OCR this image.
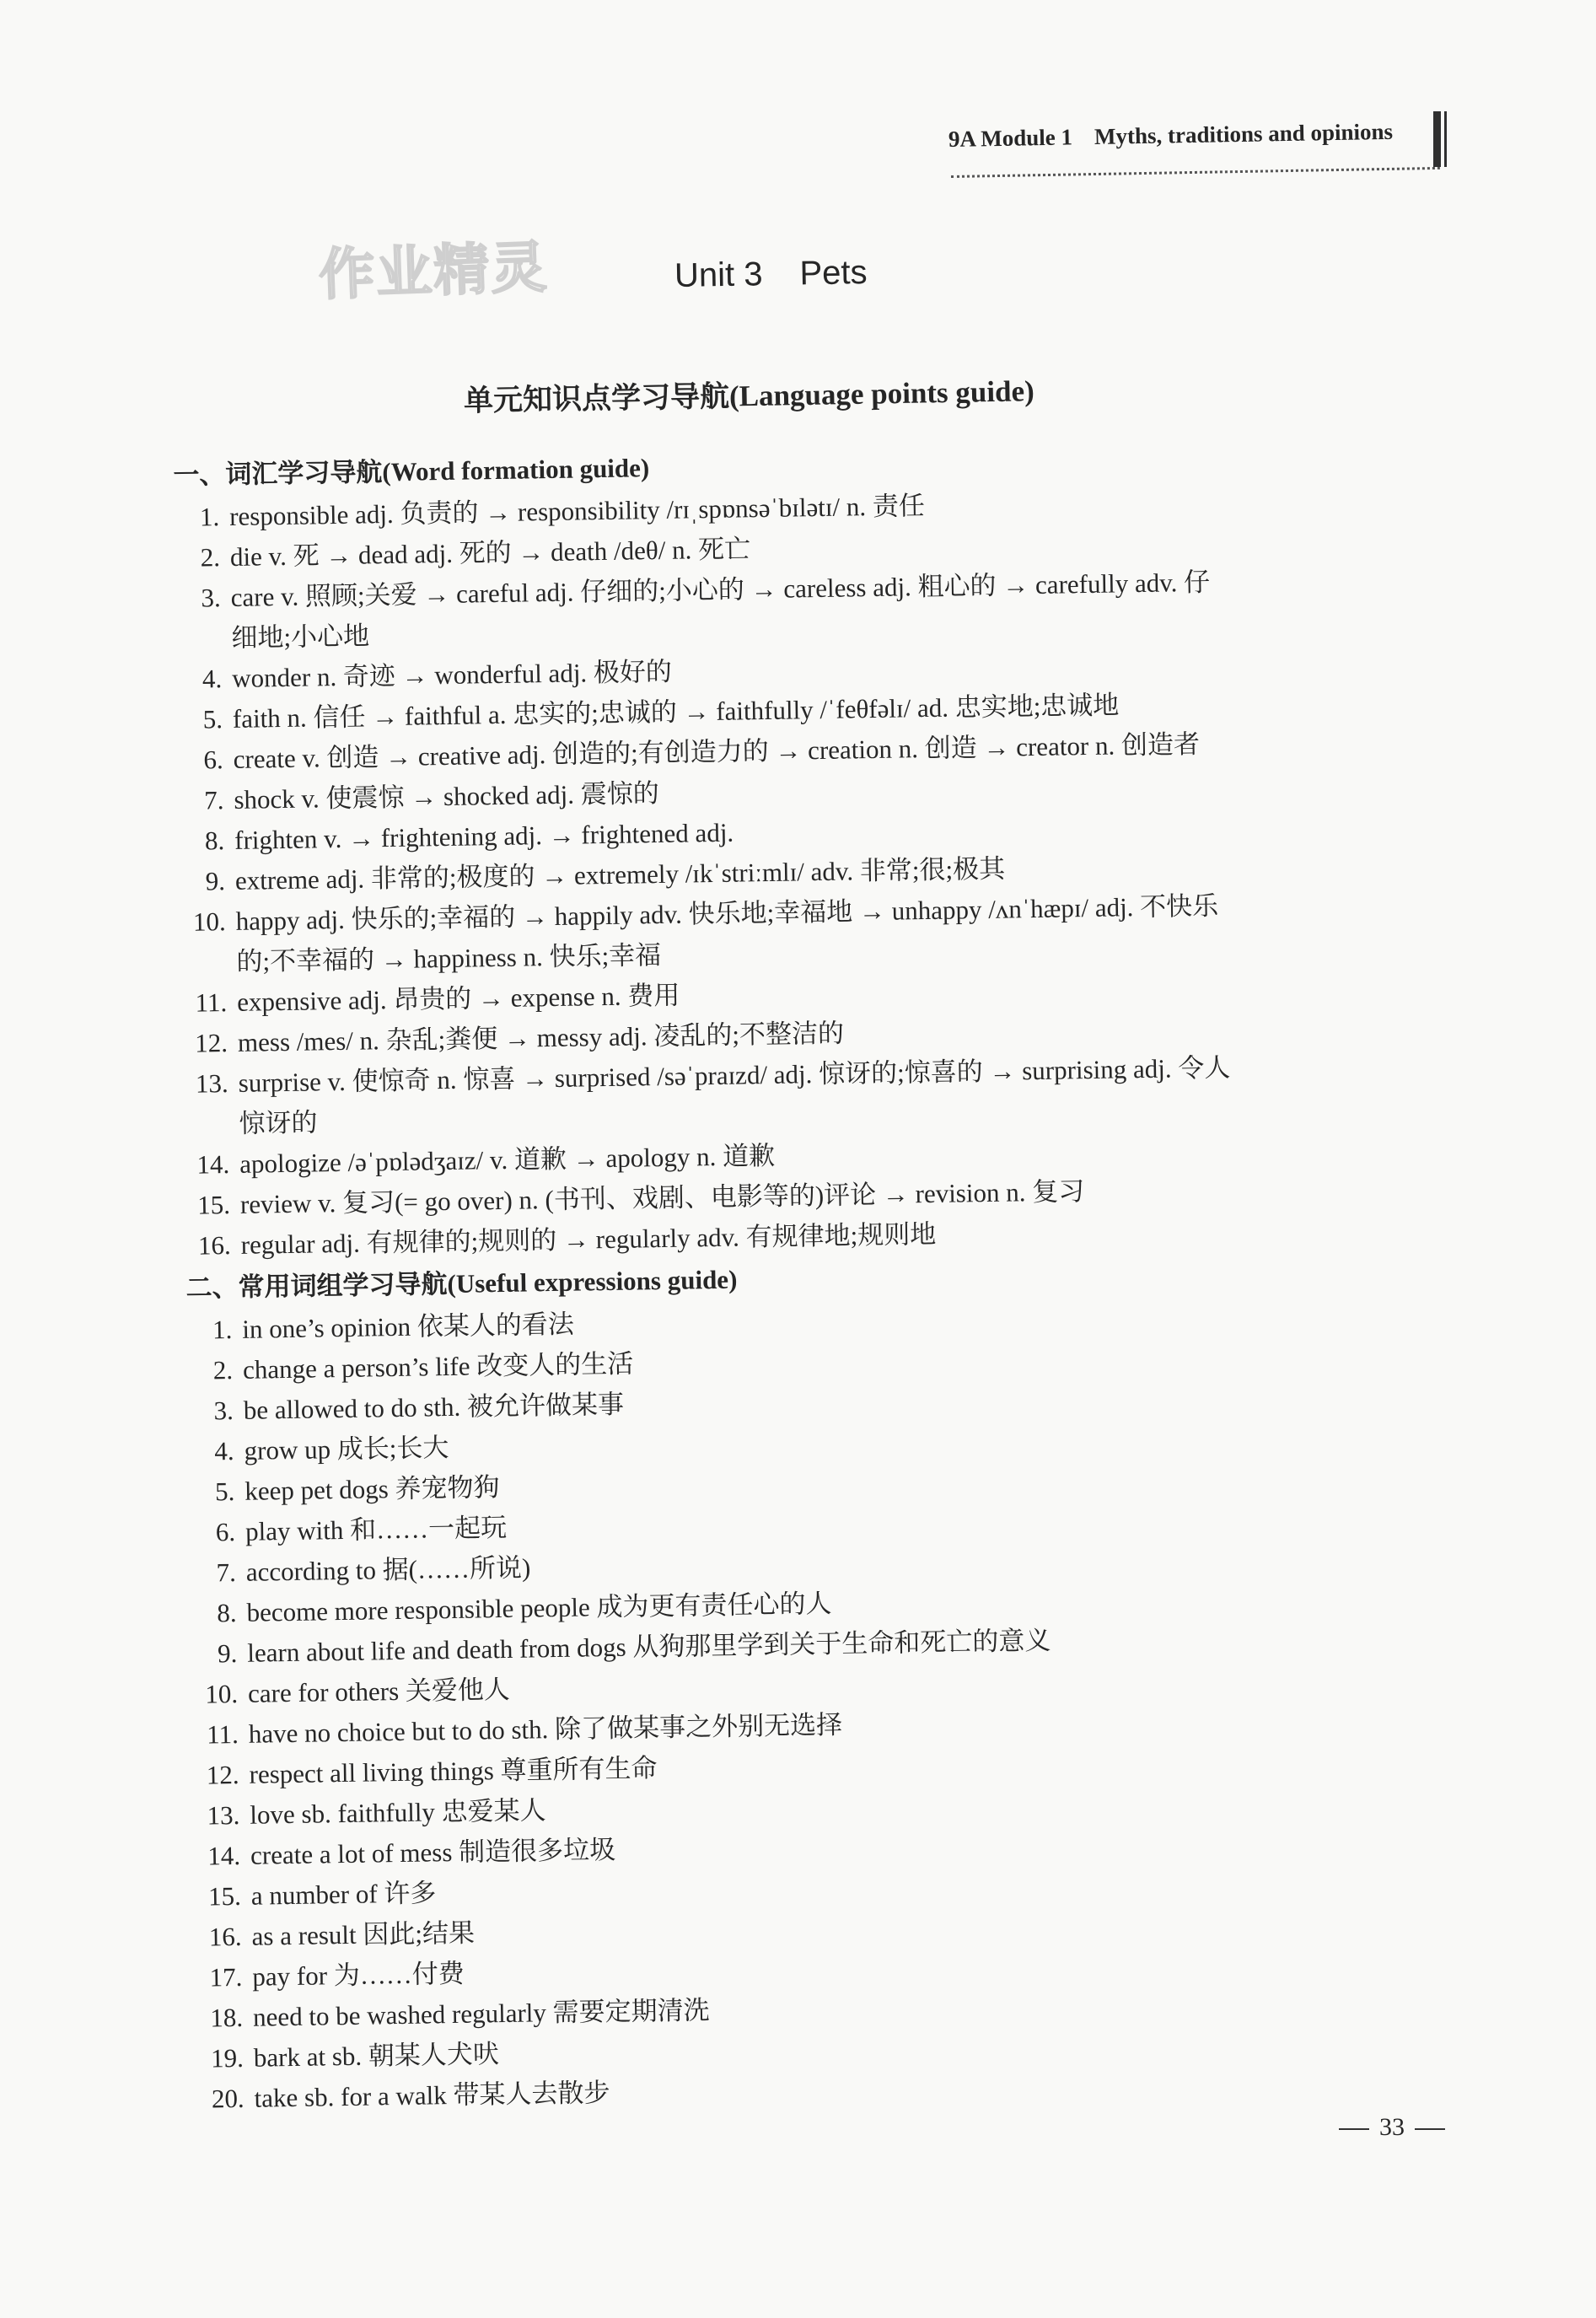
9A Module 1 Myths, traditions and opinions
作业精灵	Unit 3 Pets
单元知识点学习导航(Language points guide)
一、词汇学习导航(Word formation guide)
1. responsible adj. 负责的 → responsibility /rɪˌspɒnsəˈbɪlətɪ/ n. 责任
2. die v. 死 → dead adj. 死的 → death /deθ/ n. 死亡
3. care v. 照顾;关爱 → careful adj. 仔细的;小心的 → careless adj. 粗心的 → carefully adv. 仔
细地;小心地
4. wonder n. 奇迹 → wonderful adj. 极好的
5. faith n. 信任 → faithful a. 忠实的;忠诚的 → faithfully /ˈfeθfəlɪ/ ad. 忠实地;忠诚地
6. create v. 创造 → creative adj. 创造的;有创造力的 → creation n. 创造 → creator n. 创造者
7. shock v. 使震惊 → shocked adj. 震惊的
8. frighten v. → frightening adj. → frightened adj.
9. extreme adj. 非常的;极度的 → extremely /ɪkˈstriːmlɪ/ adv. 非常;很;极其
10. happy adj. 快乐的;幸福的 → happily adv. 快乐地;幸福地 → unhappy /ʌnˈhæpɪ/ adj. 不快乐
的;不幸福的 → happiness n. 快乐;幸福
11. expensive adj. 昂贵的 → expense n. 费用
12. mess /mes/ n. 杂乱;粪便 → messy adj. 凌乱的;不整洁的
13. surprise v. 使惊奇 n. 惊喜 → surprised /səˈpraɪzd/ adj. 惊讶的;惊喜的 → surprising adj. 令人
惊讶的
14. apologize /əˈpɒlədʒaɪz/ v. 道歉 → apology n. 道歉
15. review v. 复习(= go over) n. (书刊、戏剧、电影等的)评论 → revision n. 复习
16. regular adj. 有规律的;规则的 → regularly adv. 有规律地;规则地
二、常用词组学习导航(Useful expressions guide)
1. in one’s opinion 依某人的看法
2. change a person’s life 改变人的生活
3. be allowed to do sth. 被允许做某事
4. grow up 成长;长大
5. keep pet dogs 养宠物狗
6. play with 和……一起玩
7. according to 据(……所说)
8. become more responsible people 成为更有责任心的人
9. learn about life and death from dogs 从狗那里学到关于生命和死亡的意义
10. care for others 关爱他人
11. have no choice but to do sth. 除了做某事之外别无选择
12. respect all living things 尊重所有生命
13. love sb. faithfully 忠爱某人
14. create a lot of mess 制造很多垃圾
15. a number of 许多
16. as a result 因此;结果
17. pay for 为……付费
18. need to be washed regularly 需要定期清洗
19. bark at sb. 朝某人犬吠
20. take sb. for a walk 带某人去散步
33
